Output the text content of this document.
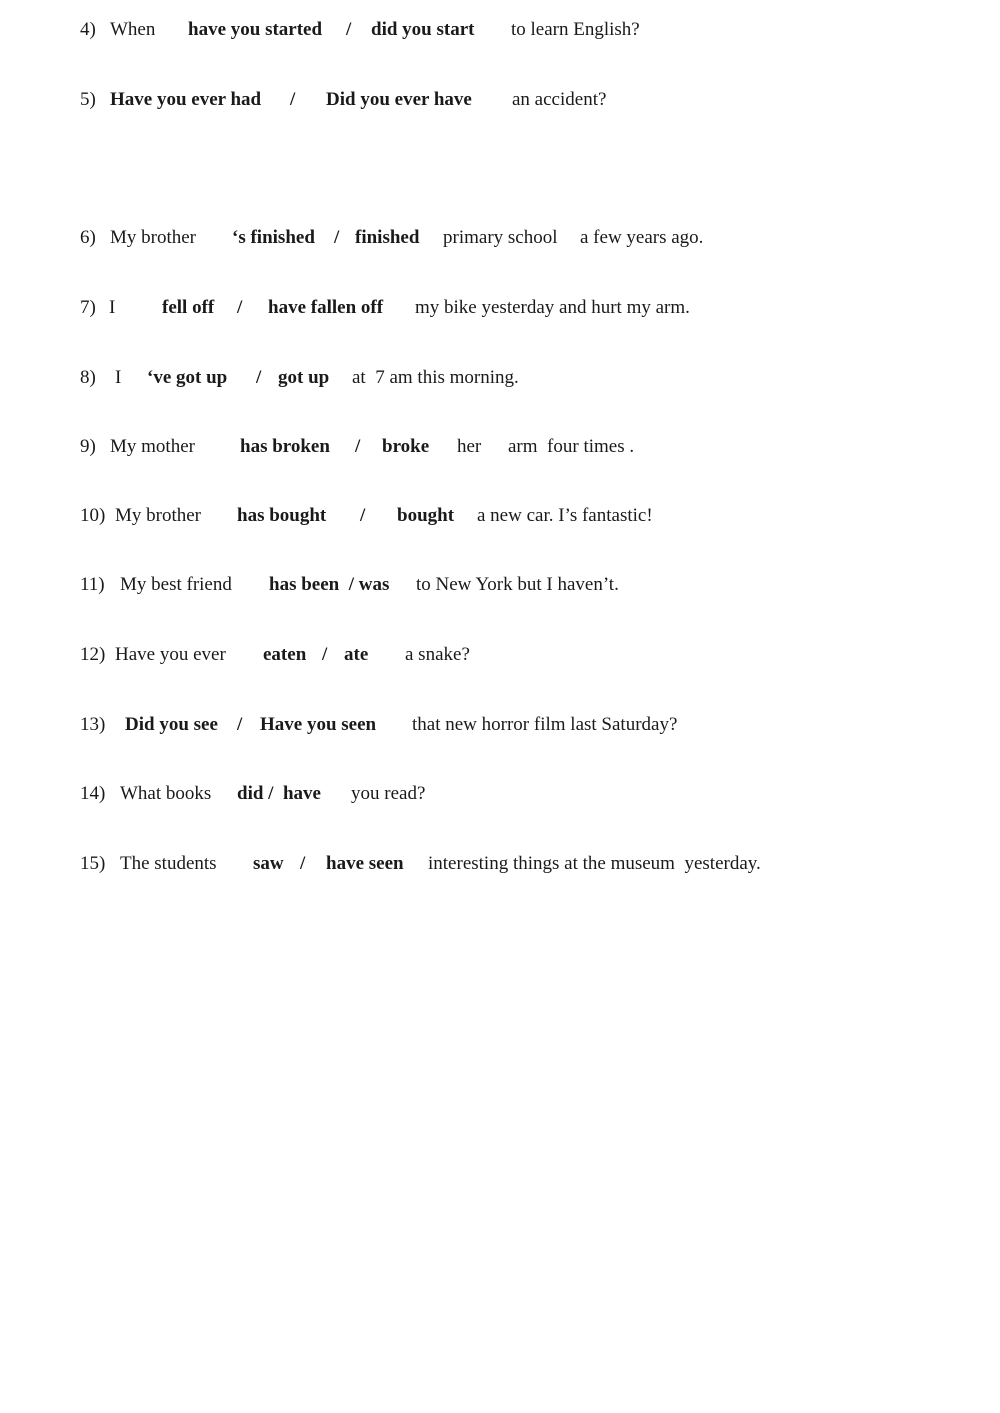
4) When have you started / did you start to learn English?
5) Have you ever had / Did you ever have an accident?
6) My brother ‘s finished / finished primary school a few years ago.
7) I fell off / have fallen off my bike yesterday and hurt my arm.
8) I ‘ve got up / got up at  7 am this morning.
9) My mother has broken / broke her arm  four times .
10) My brother has bought / bought a new car. I’s fantastic!
11) My best friend has been  / was to New York but I haven’t.
12) Have you ever eaten / ate a snake?
13) Did you see / Have you seen that new horror film last Saturday?
14) What books did /  have you read?
15) The students saw / have seen interesting things at the museum  yesterday.
